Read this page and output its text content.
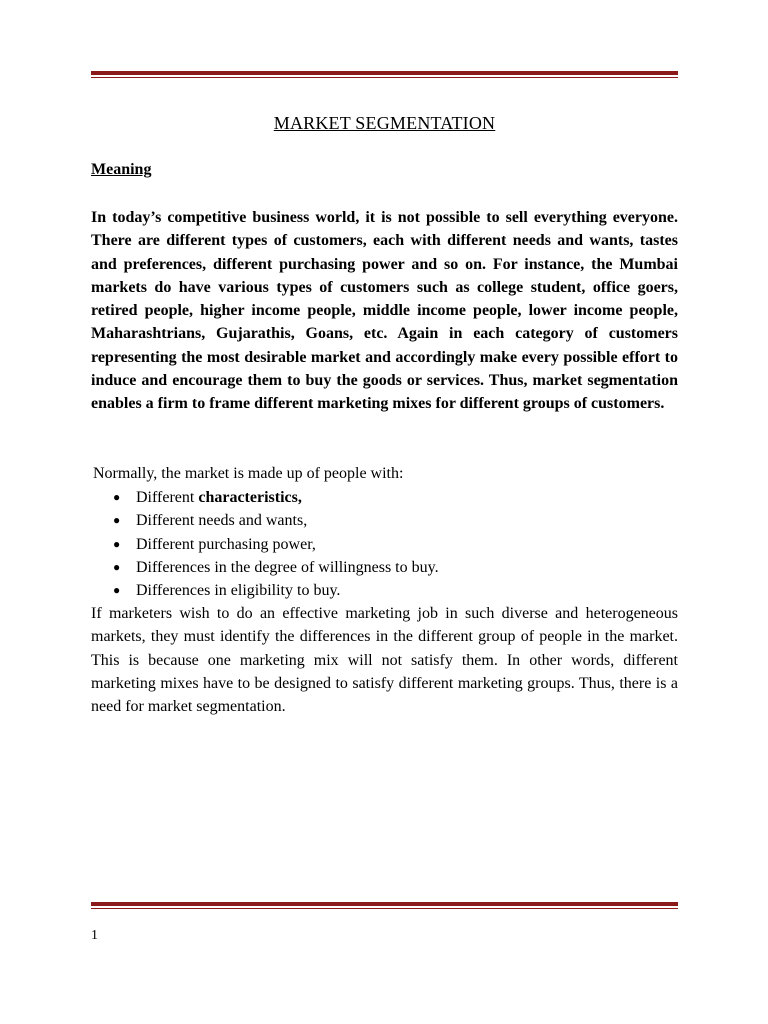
MARKET SEGMENTATION
Meaning

In today’s competitive business world, it is not possible to sell everything everyone. There are different types of customers, each with different needs and wants, tastes and preferences, different purchasing power and so on. For instance, the Mumbai markets do have various types of customers such as college student, office goers, retired people, higher income people, middle income people, lower income people, Maharashtrians, Gujarathis, Goans, etc. Again in each category of customers representing the most desirable market and accordingly make every possible effort to induce and encourage them to buy the goods or services. Thus, market segmentation enables a firm to frame different marketing mixes for different groups of customers.

Normally, the market is made up of people with:
● Different characteristics,
● Different needs and wants,
● Different purchasing power,
● Differences in the degree of willingness to buy.
● Differences in eligibility to buy.

If marketers wish to do an effective marketing job in such diverse and heterogeneous markets, they must identify the differences in the different group of people in the market. This is because one marketing mix will not satisfy them. In other words, different marketing mixes have to be designed to satisfy different marketing groups. Thus, there is a need for market segmentation.

1
